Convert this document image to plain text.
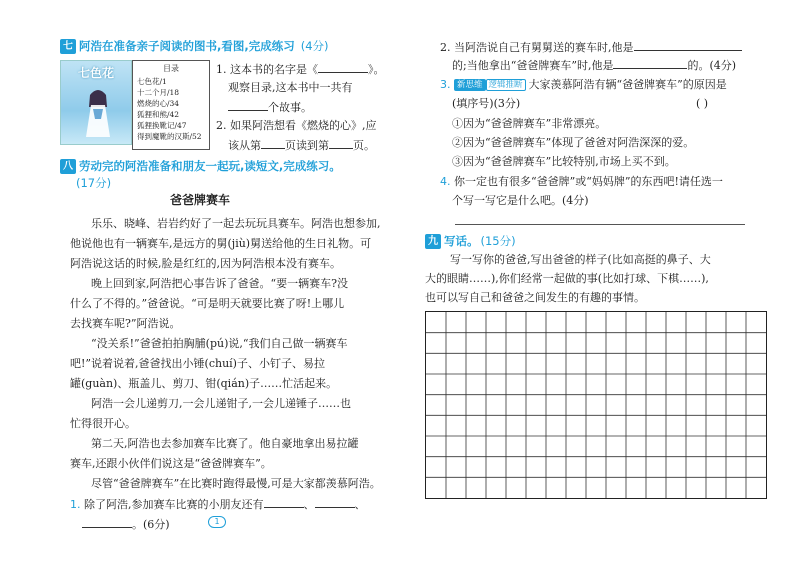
七 阿浩在准备亲子阅读的图书,看图,完成练习 (4分)
七色花	目录
七色花/1
十二个月/18
燃烧的心/34
狐狸和熊/42
狐狸换靴记/47
得到魔靴的汉斯/52
1. 这本书的名字是《	》。
观察目录,这本书中一共有
个故事。
2. 如果阿浩想看《燃烧的心》,应
该从第 页读到第 页。
八 劳动完的阿浩准备和朋友一起玩,读短文,完成练习。
(17分)
爸爸牌赛车
乐乐、晓峰、岩岩约好了一起去玩玩具赛车。阿浩也想参加,
他说他也有一辆赛车,是远方的舅(jiù)舅送给他的生日礼物。可
阿浩说这话的时候,脸是红红的,因为阿浩根本没有赛车。
晚上回到家,阿浩把心事告诉了爸爸。“要一辆赛车?没
什么了不得的。”爸爸说。“可是明天就要比赛了呀!上哪儿
去找赛车呢?”阿浩说。
“没关系!”爸爸拍拍胸脯(pú)说,“我们自己做一辆赛车
吧!”说着说着,爸爸找出小锤(chuí)子、小钉子、易拉
罐(guàn)、瓶盖儿、剪刀、钳(qián)子……忙活起来。
阿浩一会儿递剪刀,一会儿递钳子,一会儿递锤子……也
忙得很开心。
第二天,阿浩也去参加赛车比赛了。他自豪地拿出易拉罐
赛车,还跟小伙伴们说这是“爸爸牌赛车”。
尽管“爸爸牌赛车”在比赛时跑得最慢,可是大家都羡慕阿浩。
1. 除了阿浩,参加赛车比赛的小朋友还有	、	、
。(6分)	1
2. 当阿浩说自己有舅舅送的赛车时,他是
的;当他拿出“爸爸牌赛车”时,他是	的。(4分)
3. 新思维 逻辑推断 大家羡慕阿浩有辆“爸爸牌赛车”的原因是
(填序号)(3分)	( )
①因为“爸爸牌赛车”非常漂亮。
②因为“爸爸牌赛车”体现了爸爸对阿浩深深的爱。
③因为“爸爸牌赛车”比较特别,市场上买不到。
4. 你一定也有很多“爸爸牌”或“妈妈牌”的东西吧!请任选一
个写一写它是什么吧。(4分)
九 写话。 (15分)
写一写你的爸爸,写出爸爸的样子(比如高挺的鼻子、大
大的眼睛……),你们经常一起做的事(比如打球、下棋……),
也可以写自己和爸爸之间发生的有趣的事情。
